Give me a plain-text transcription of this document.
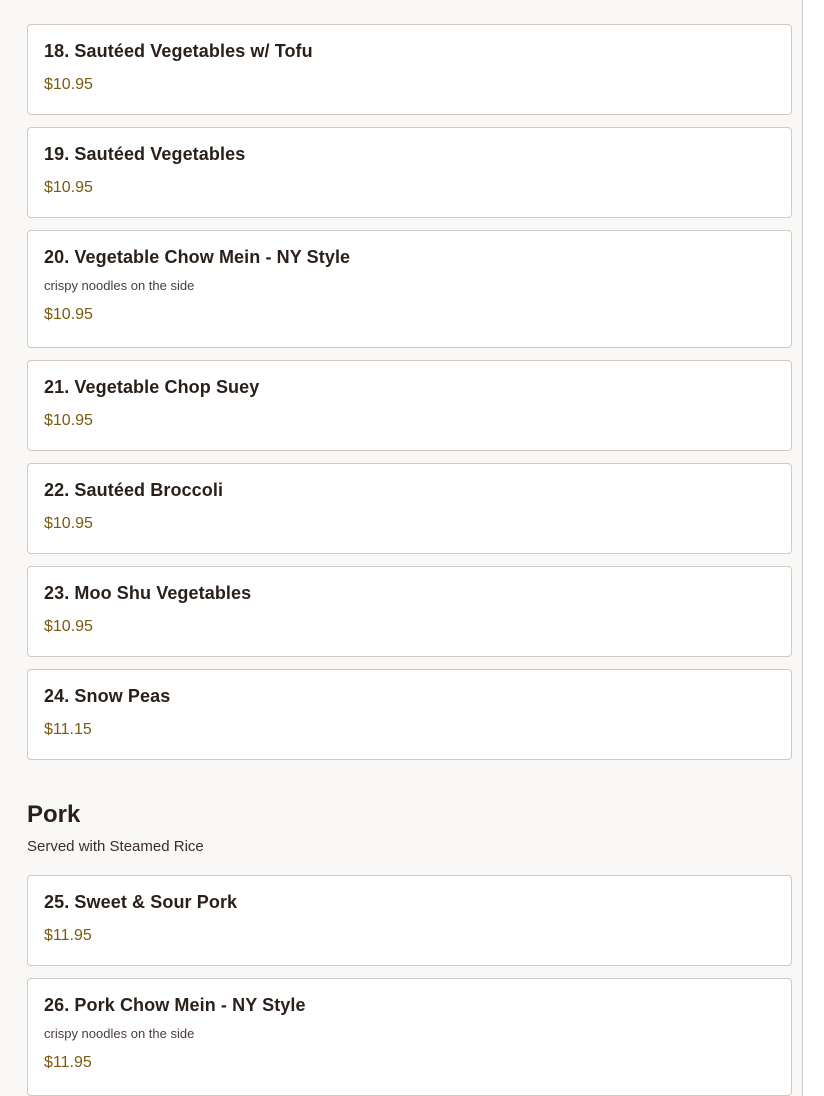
18. Sautéed Vegetables w/ Tofu
$10.95
19. Sautéed Vegetables
$10.95
20. Vegetable Chow Mein - NY Style
crispy noodles on the side
$10.95
21. Vegetable Chop Suey
$10.95
22. Sautéed Broccoli
$10.95
23. Moo Shu Vegetables
$10.95
24. Snow Peas
$11.15
Pork
Served with Steamed Rice
25. Sweet & Sour Pork
$11.95
26. Pork Chow Mein - NY Style
crispy noodles on the side
$11.95
